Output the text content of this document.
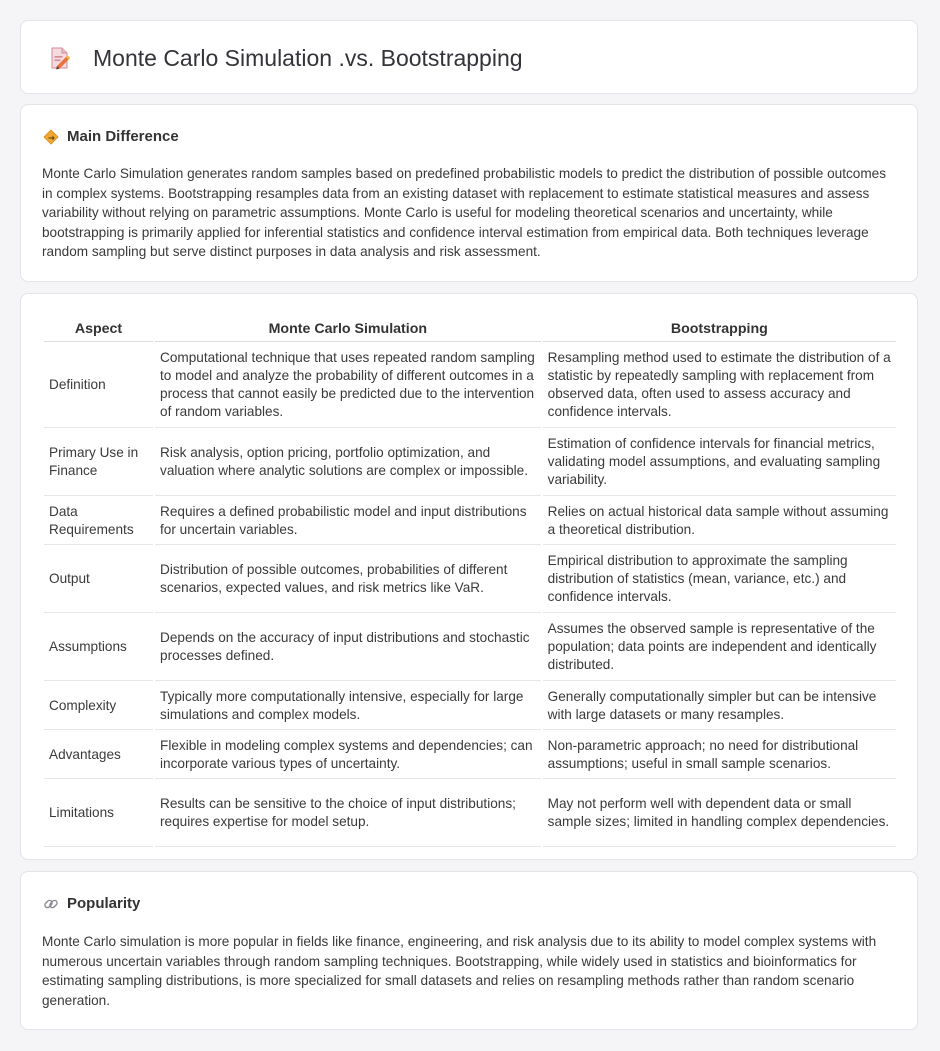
Monte Carlo Simulation .vs. Bootstrapping
Main Difference

Monte Carlo Simulation generates random samples based on predefined probabilistic models to predict the distribution of possible outcomes in complex systems. Bootstrapping resamples data from an existing dataset with replacement to estimate statistical measures and assess variability without relying on parametric assumptions. Monte Carlo is useful for modeling theoretical scenarios and uncertainty, while bootstrapping is primarily applied for inferential statistics and confidence interval estimation from empirical data. Both techniques leverage random sampling but serve distinct purposes in data analysis and risk assessment.

Aspect	Monte Carlo Simulation	Bootstrapping
Definition	Computational technique that uses repeated random sampling to model and analyze the probability of different outcomes in a process that cannot easily be predicted due to the intervention of random variables.	Resampling method used to estimate the distribution of a statistic by repeatedly sampling with replacement from observed data, often used to assess accuracy and confidence intervals.
Primary Use in Finance	Risk analysis, option pricing, portfolio optimization, and valuation where analytic solutions are complex or impossible.	Estimation of confidence intervals for financial metrics, validating model assumptions, and evaluating sampling variability.
Data Requirements	Requires a defined probabilistic model and input distributions for uncertain variables.	Relies on actual historical data sample without assuming a theoretical distribution.
Output	Distribution of possible outcomes, probabilities of different scenarios, expected values, and risk metrics like VaR.	Empirical distribution to approximate the sampling distribution of statistics (mean, variance, etc.) and confidence intervals.
Assumptions	Depends on the accuracy of input distributions and stochastic processes defined.	Assumes the observed sample is representative of the population; data points are independent and identically distributed.
Complexity	Typically more computationally intensive, especially for large simulations and complex models.	Generally computationally simpler but can be intensive with large datasets or many resamples.
Advantages	Flexible in modeling complex systems and dependencies; can incorporate various types of uncertainty.	Non-parametric approach; no need for distributional assumptions; useful in small sample scenarios.
Limitations	Results can be sensitive to the choice of input distributions; requires expertise for model setup.	May not perform well with dependent data or small sample sizes; limited in handling complex dependencies.
Popularity

Monte Carlo simulation is more popular in fields like finance, engineering, and risk analysis due to its ability to model complex systems with numerous uncertain variables through random sampling techniques. Bootstrapping, while widely used in statistics and bioinformatics for estimating sampling distributions, is more specialized for small datasets and relies on resampling methods rather than random scenario generation.
